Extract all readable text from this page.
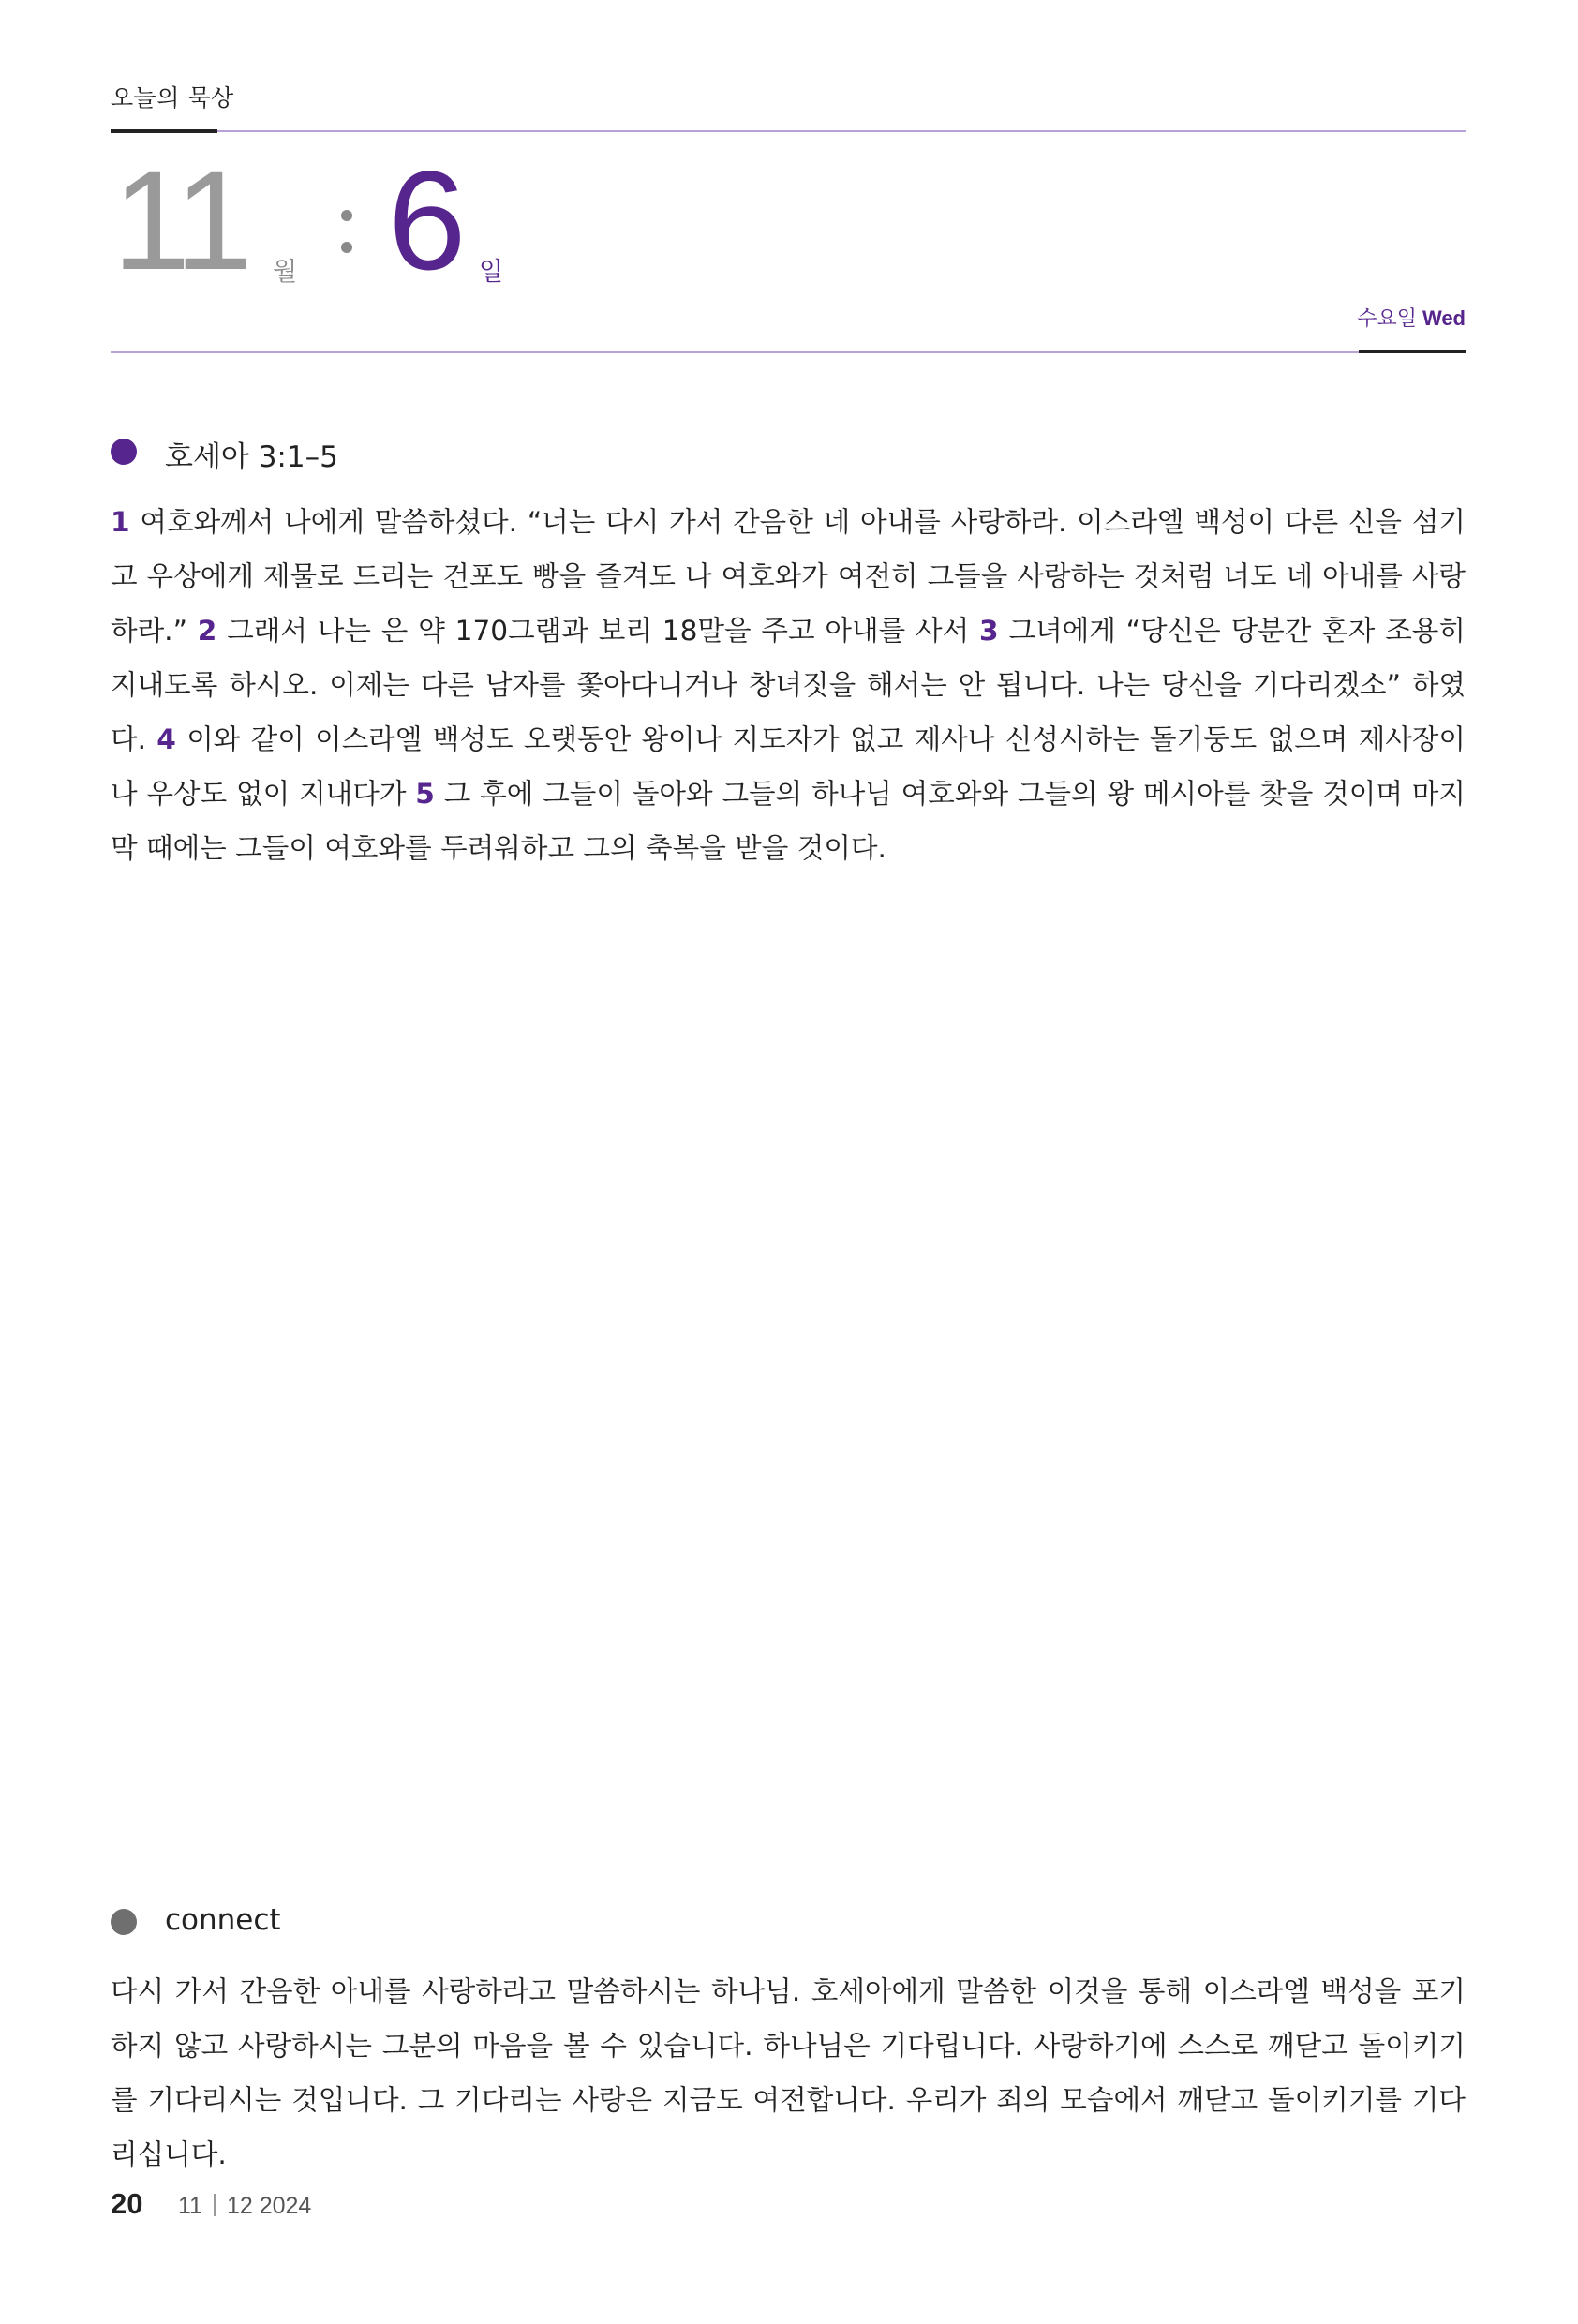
오늘의 묵상
11 월 6 일
수요일 Wed
호세아 3:1–5
1 여호와께서 나에게 말씀하셨다. “너는 다시 가서 간음한 네 아내를 사랑하라. 이스라엘 백성이 다른 신을 섬기고 우상에게 제물로 드리는 건포도 빵을 즐겨도 나 여호와가 여전히 그들을 사랑하는 것처럼 너도 네 아내를 사랑하라.” 2 그래서 나는 은 약 170그램과 보리 18말을 주고 아내를 사서 3 그녀에게 “당신은 당분간 혼자 조용히 지내도록 하시오. 이제는 다른 남자를 쫓아다니거나 창녀짓을 해서는 안 됩니다. 나는 당신을 기다리겠소” 하였다. 4 이와 같이 이스라엘 백성도 오랫동안 왕이나 지도자가 없고 제사나 신성시하는 돌기둥도 없으며 제사장이나 우상도 없이 지내다가 5 그 후에 그들이 돌아와 그들의 하나님 여호와와 그들의 왕 메시아를 찾을 것이며 마지막 때에는 그들이 여호와를 두려워하고 그의 축복을 받을 것이다.
connect
다시 가서 간음한 아내를 사랑하라고 말씀하시는 하나님. 호세아에게 말씀한 이것을 통해 이스라엘 백성을 포기하지 않고 사랑하시는 그분의 마음을 볼 수 있습니다. 하나님은 기다립니다. 사랑하기에 스스로 깨닫고 돌이키기를 기다리시는 것입니다. 그 기다리는 사랑은 지금도 여전합니다. 우리가 죄의 모습에서 깨닫고 돌이키기를 기다리십니다.
20 11 12 2024
